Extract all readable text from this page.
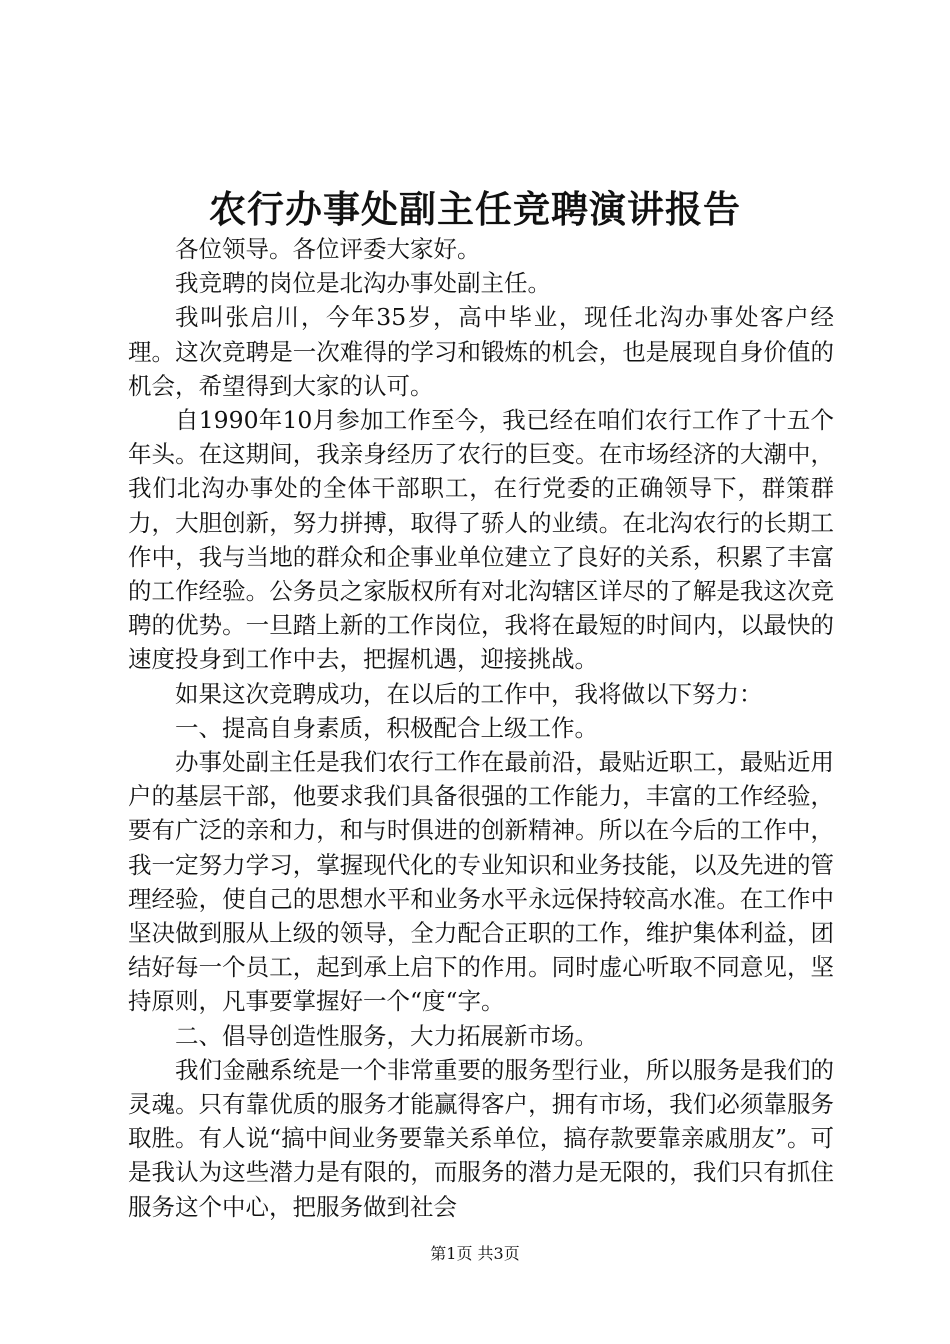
农行办事处副主任竞聘演讲报告

各位领导。各位评委大家好。

我竞聘的岗位是北沟办事处副主任。

我叫张启川，今年35岁，高中毕业，现任北沟办事处客户经理。这次竞聘是一次难得的学习和锻炼的机会，也是展现自身价值的机会，希望得到大家的认可。

自1990年10月参加工作至今，我已经在咱们农行工作了十五个年头。在这期间，我亲身经历了农行的巨变。在市场经济的大潮中，我们北沟办事处的全体干部职工，在行党委的正确领导下，群策群力，大胆创新，努力拼搏，取得了骄人的业绩。在北沟农行的长期工作中，我与当地的群众和企事业单位建立了良好的关系，积累了丰富的工作经验。公务员之家版权所有对北沟辖区详尽的了解是我这次竞聘的优势。一旦踏上新的工作岗位，我将在最短的时间内，以最快的速度投身到工作中去，把握机遇，迎接挑战。

如果这次竞聘成功，在以后的工作中，我将做以下努力：

一、提高自身素质，积极配合上级工作。

办事处副主任是我们农行工作在最前沿，最贴近职工，最贴近用户的基层干部，他要求我们具备很强的工作能力，丰富的工作经验，要有广泛的亲和力，和与时俱进的创新精神。所以在今后的工作中，我一定努力学习，掌握现代化的专业知识和业务技能，以及先进的管理经验，使自己的思想水平和业务水平永远保持较高水准。在工作中坚决做到服从上级的领导，全力配合正职的工作，维护集体利益，团结好每一个员工，起到承上启下的作用。同时虚心听取不同意见，坚持原则，凡事要掌握好一个“度“字。

二、倡导创造性服务，大力拓展新市场。

我们金融系统是一个非常重要的服务型行业，所以服务是我们的灵魂。只有靠优质的服务才能赢得客户，拥有市场，我们必须靠服务取胜。有人说“搞中间业务要靠关系单位，搞存款要靠亲戚朋友”。可是我认为这些潜力是有限的，而服务的潜力是无限的，我们只有抓住服务这个中心，把服务做到社会

第1页 共3页
